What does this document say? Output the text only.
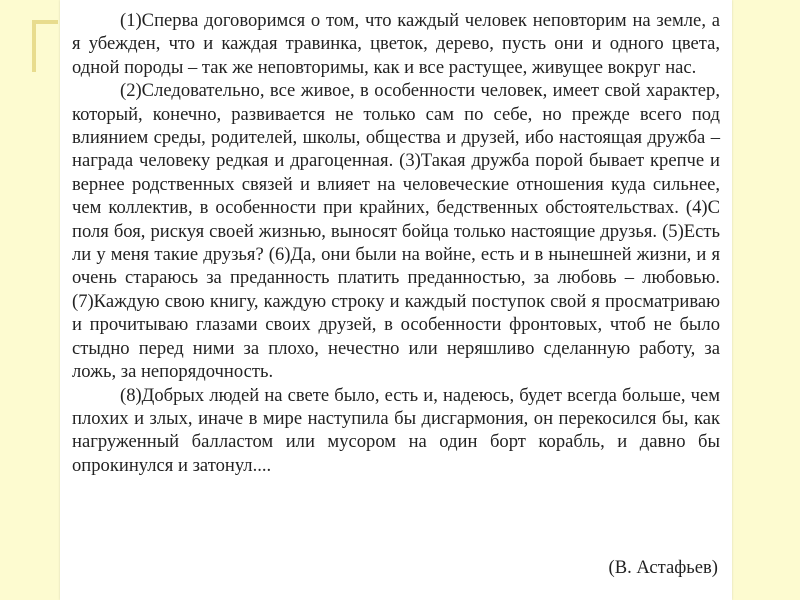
(1)Сперва договоримся о том, что каждый человек неповторим на земле, а я убежден, что и каждая травинка, цветок, дерево, пусть они и одного цвета, одной породы – так же неповторимы, как и все растущее, живущее вокруг нас.

(2)Следовательно, все живое, в особенности человек, имеет свой характер, который, конечно, развивается не только сам по себе, но прежде всего под влиянием среды, родителей, школы, общества и друзей, ибо настоящая дружба – награда человеку редкая и драгоценная. (3)Такая дружба порой бывает крепче и вернее родственных связей и влияет на человеческие отношения куда сильнее, чем коллектив, в особенности при крайних, бедственных обстоятельствах. (4)С поля боя, рискуя своей жизнью, выносят бойца только настоящие друзья. (5)Есть ли у меня такие друзья? (6)Да, они были на войне, есть и в нынешней жизни, и я очень стараюсь за преданность платить преданностью, за любовь – любовью. (7)Каждую свою книгу, каждую строку и каждый поступок свой я просматриваю и прочитываю глазами своих друзей, в особенности фронтовых, чтоб не было стыдно перед ними за плохо, нечестно или неряшливо сделанную работу, за ложь, за непорядочность.

(8)Добрых людей на свете было, есть и, надеюсь, будет всегда больше, чем плохих и злых, иначе в мире наступила бы дисгармония, он перекосился бы, как нагруженный балластом или мусором на один борт корабль, и давно бы опрокинулся и затонул....

(В. Астафьев)
